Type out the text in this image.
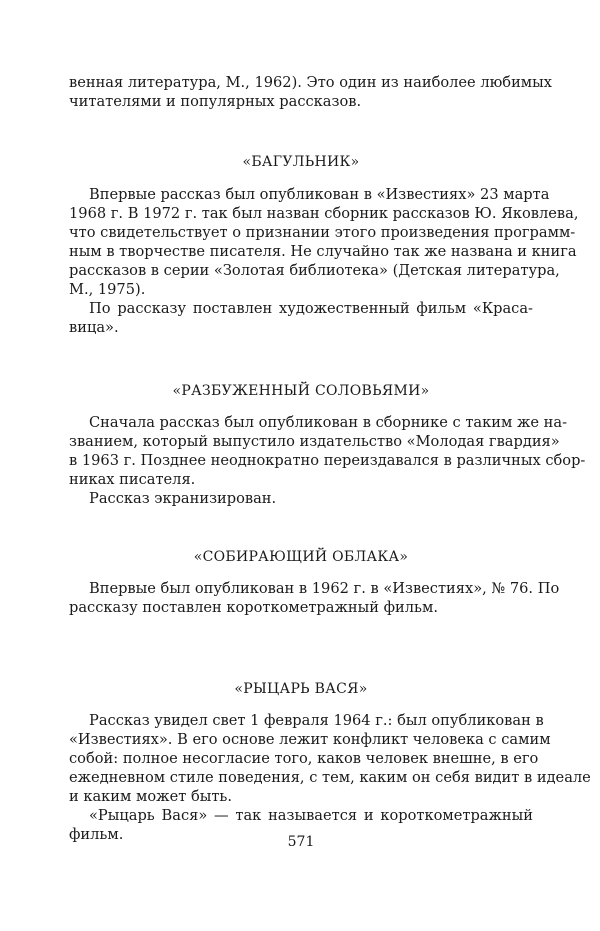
венная литература, М., 1962). Это один из наиболее любимых
читателями и популярных рассказов.
«БАГУЛЬНИК»
Впервые рассказ был опубликован в «Известиях» 23 марта
1968 г. В 1972 г. так был назван сборник рассказов Ю. Яковлева,
что свидетельствует о признании этого произведения программ-
ным в творчестве писателя. Не случайно так же названа и книга
рассказов в серии «Золотая библиотека» (Детская литература,
М., 1975).
По рассказу поставлен художественный фильм «Краса-
вица».
«РАЗБУЖЕННЫЙ СОЛОВЬЯМИ»
Сначала рассказ был опубликован в сборнике с таким же на-
званием, который выпустило издательство «Молодая гвардия»
в 1963 г. Позднее неоднократно переиздавался в различных сбор-
никах писателя.
Рассказ экранизирован.
«СОБИРАЮЩИЙ ОБЛАКА»
Впервые был опубликован в 1962 г. в «Известиях», № 76. По
рассказу поставлен короткометражный фильм.
«РЫЦАРЬ ВАСЯ»
Рассказ увидел свет 1 февраля 1964 г.: был опубликован в
«Известиях». В его основе лежит конфликт человека с самим
собой: полное несогласие того, каков человек внешне, в его
ежедневном стиле поведения, с тем, каким он себя видит в идеале
и каким может быть.
«Рыцарь Вася» — так называется и короткометражный
фильм.	571
